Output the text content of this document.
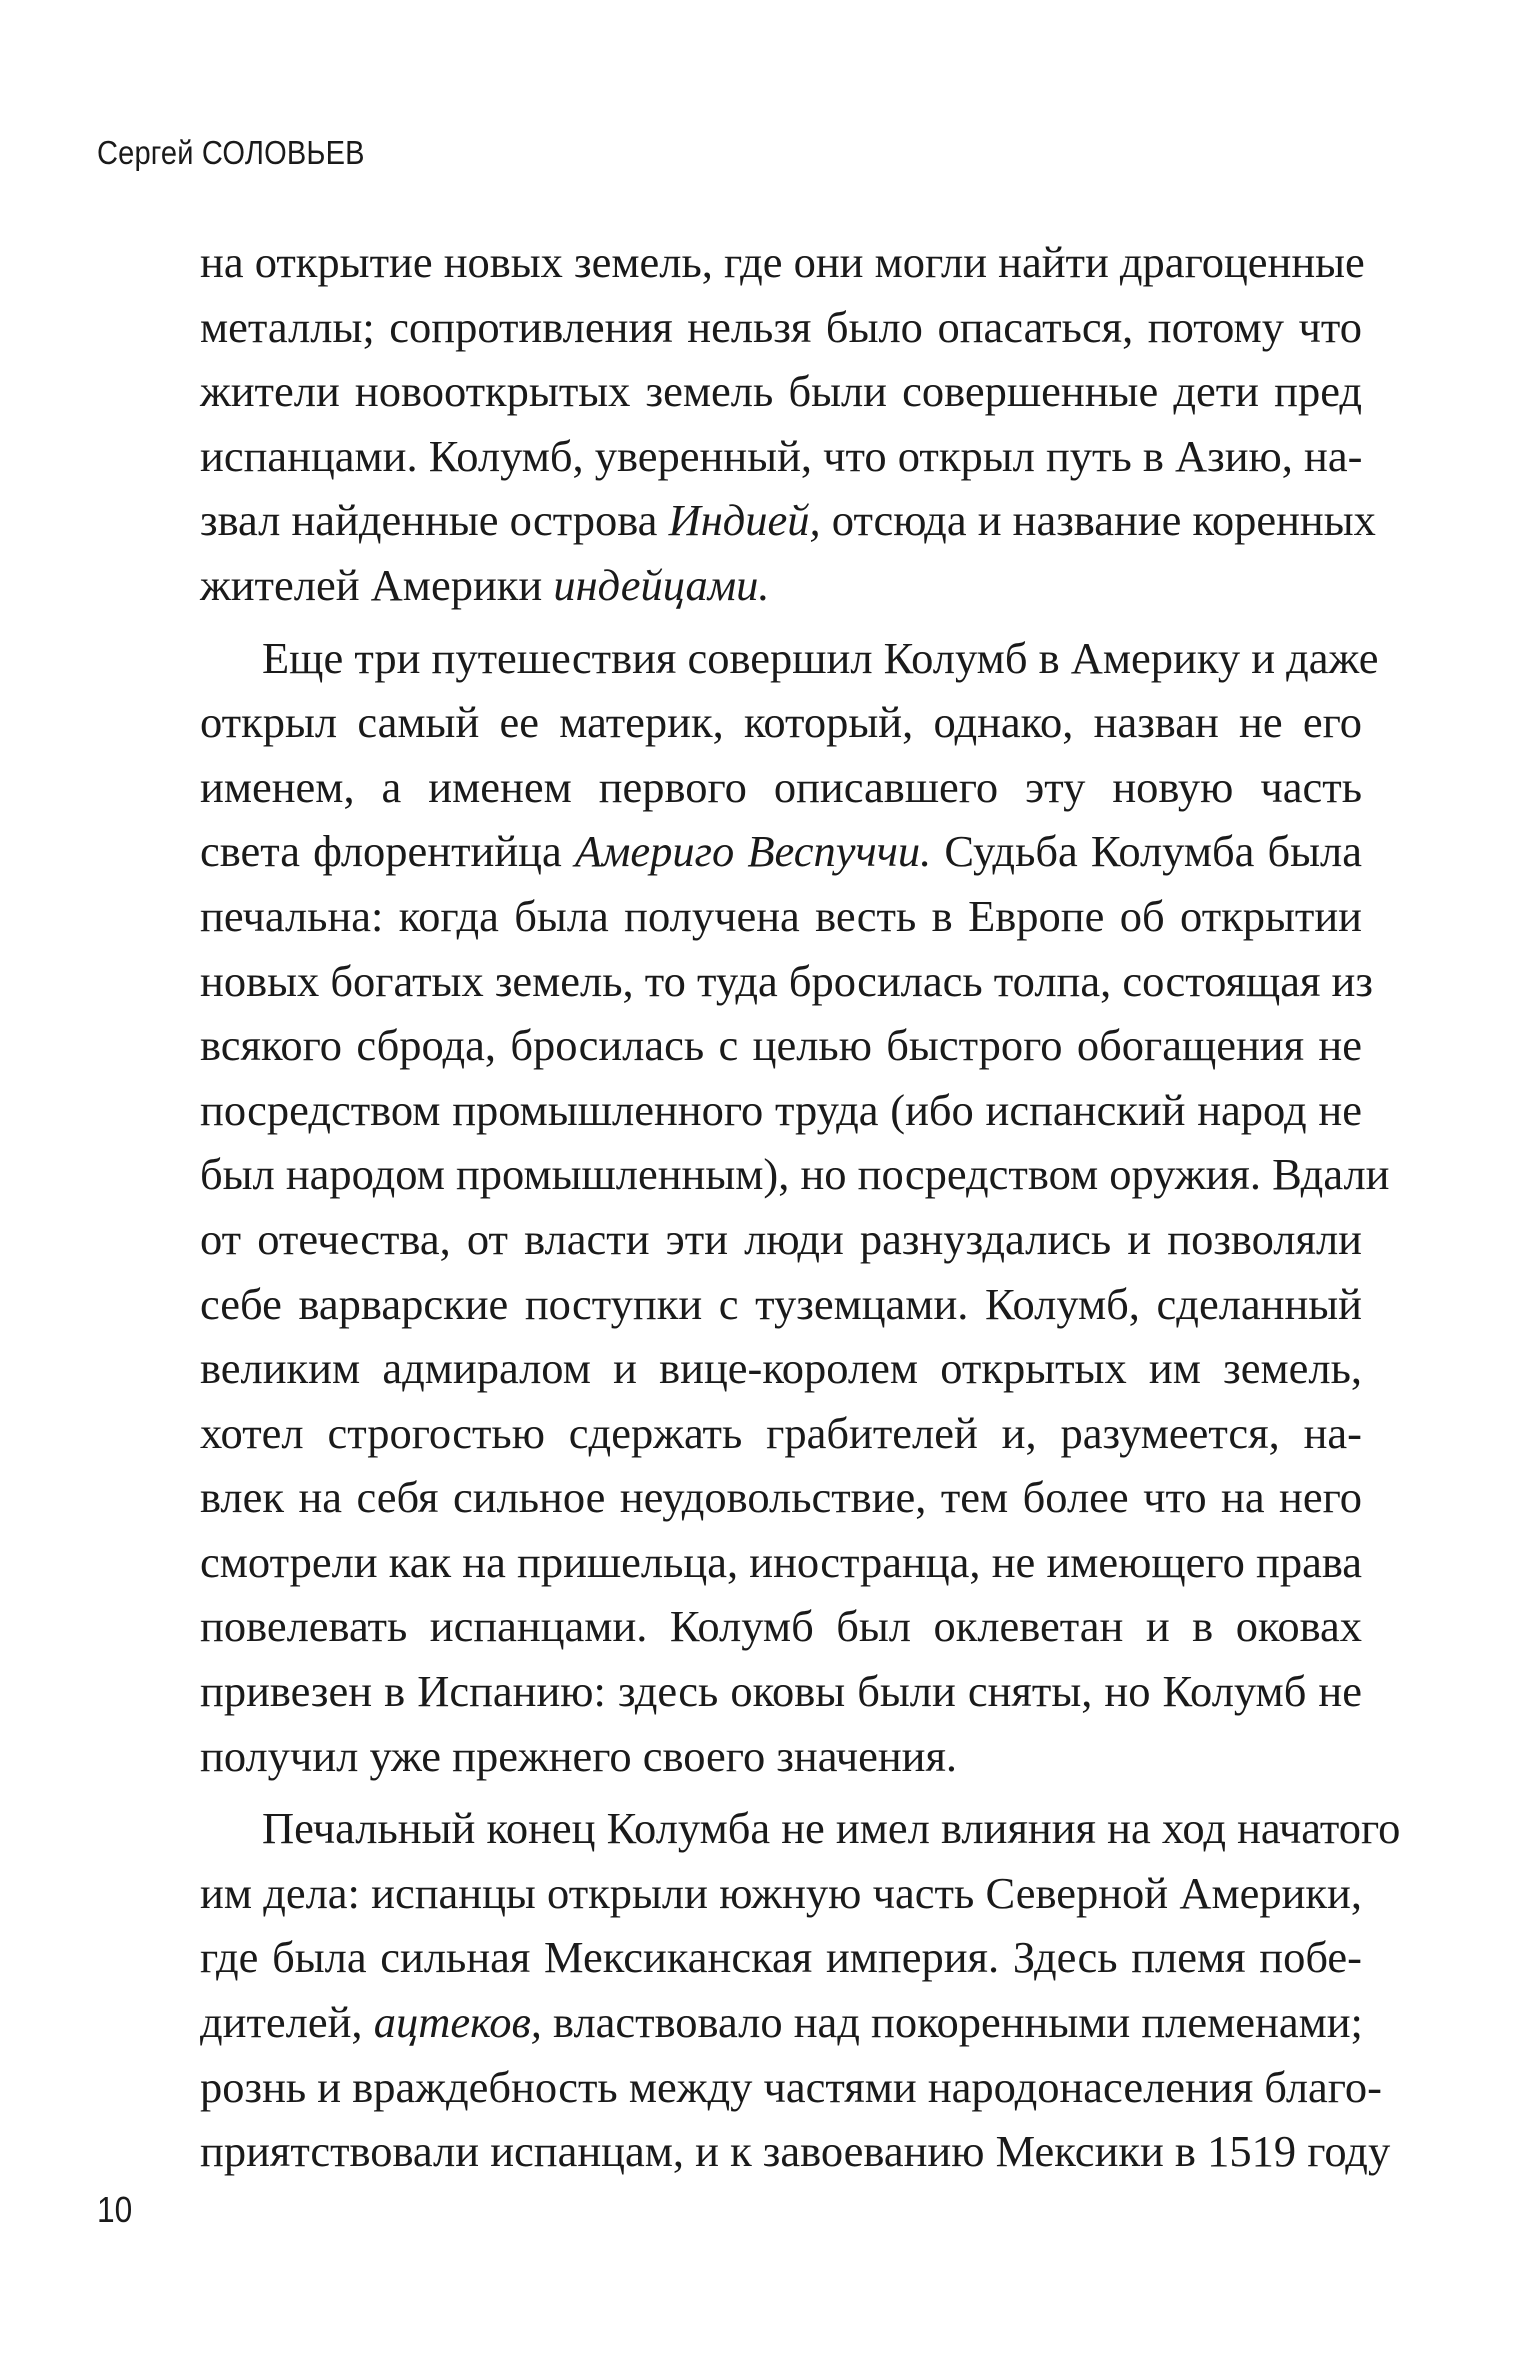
Сергей СОЛОВЬЕВ
на открытие новых земель, где они могли найти драгоценные
металлы; сопротивления нельзя было опасаться, потому что
жители новооткрытых земель были совершенные дети пред
испанцами. Колумб, уверенный, что открыл путь в Азию, на-
звал найденные острова Индией, отсюда и название коренных
жителей Америки индейцами.
Еще три путешествия совершил Колумб в Америку и даже
открыл самый ее материк, который, однако, назван не его
именем, а именем первого описавшего эту новую часть
света флорентийца Америго Веспуччи. Судьба Колумба была
печальна: когда была получена весть в Европе об открытии
новых богатых земель, то туда бросилась толпа, состоящая из
всякого сброда, бросилась с целью быстрого обогащения не
посредством промышленного труда (ибо испанский народ не
был народом промышленным), но посредством оружия. Вдали
от отечества, от власти эти люди разнуздались и позволяли
себе варварские поступки с туземцами. Колумб, сделанный
великим адмиралом и вице-королем открытых им земель,
хотел строгостью сдержать грабителей и, разумеется, на-
влек на себя сильное неудовольствие, тем более что на него
смотрели как на пришельца, иностранца, не имеющего права
повелевать испанцами. Колумб был оклеветан и в оковах
привезен в Испанию: здесь оковы были сняты, но Колумб не
получил уже прежнего своего значения.
Печальный конец Колумба не имел влияния на ход начатого
им дела: испанцы открыли южную часть Северной Америки,
где была сильная Мексиканская империя. Здесь племя побе-
дителей, ацтеков, властвовало над покоренными племенами;
рознь и враждебность между частями народонаселения благо-
приятствовали испанцам, и к завоеванию Мексики в 1519 году
10
